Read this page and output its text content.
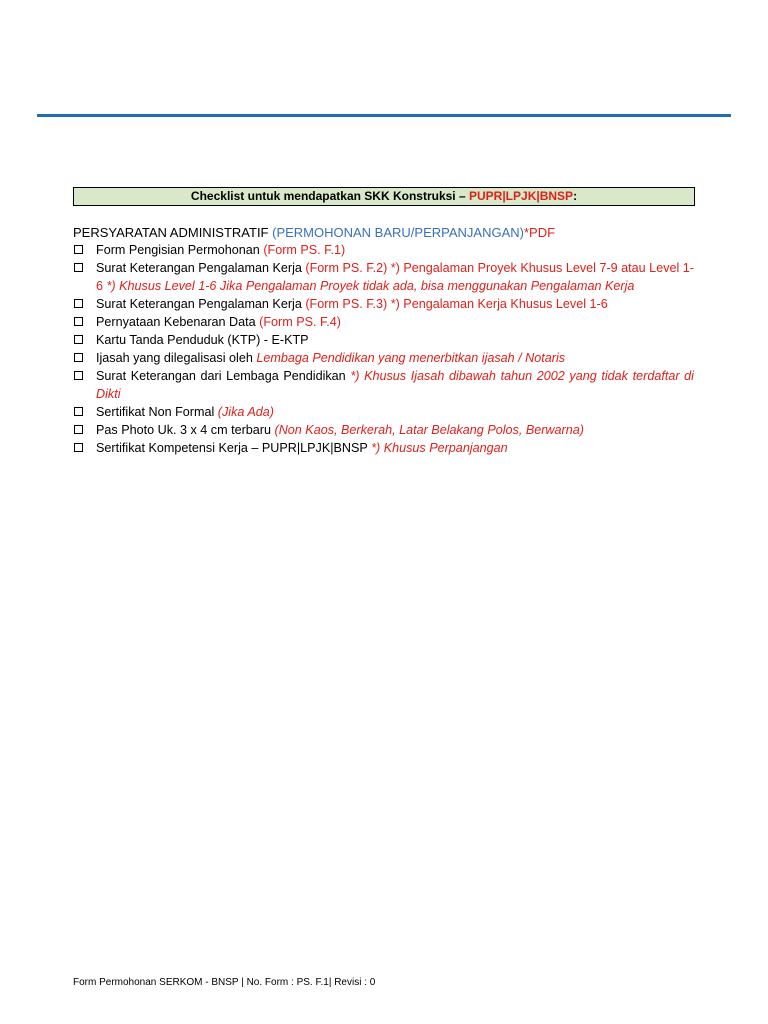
Checklist untuk mendapatkan SKK Konstruksi – PUPR|LPJK|BNSP:
PERSYARATAN ADMINISTRATIF (PERMOHONAN BARU/PERPANJANGAN)*PDF
Form Pengisian Permohonan (Form PS. F.1)
Surat Keterangan Pengalaman Kerja (Form PS. F.2) *) Pengalaman Proyek Khusus Level 7-9 atau Level 1-6 *) Khusus Level 1-6 Jika Pengalaman Proyek tidak ada, bisa menggunakan Pengalaman Kerja
Surat Keterangan Pengalaman Kerja (Form PS. F.3) *) Pengalaman Kerja Khusus Level 1-6
Pernyataan Kebenaran Data (Form PS. F.4)
Kartu Tanda Penduduk (KTP) - E-KTP
Ijasah yang dilegalisasi oleh Lembaga Pendidikan yang menerbitkan ijasah / Notaris
Surat Keterangan dari Lembaga Pendidikan *) Khusus Ijasah dibawah tahun 2002 yang tidak terdaftar di Dikti
Sertifikat Non Formal (Jika Ada)
Pas Photo Uk. 3 x 4 cm terbaru (Non Kaos, Berkerah, Latar Belakang Polos, Berwarna)
Sertifikat Kompetensi Kerja – PUPR|LPJK|BNSP *) Khusus Perpanjangan
Form Permohonan SERKOM - BNSP | No. Form : PS. F.1| Revisi : 0
